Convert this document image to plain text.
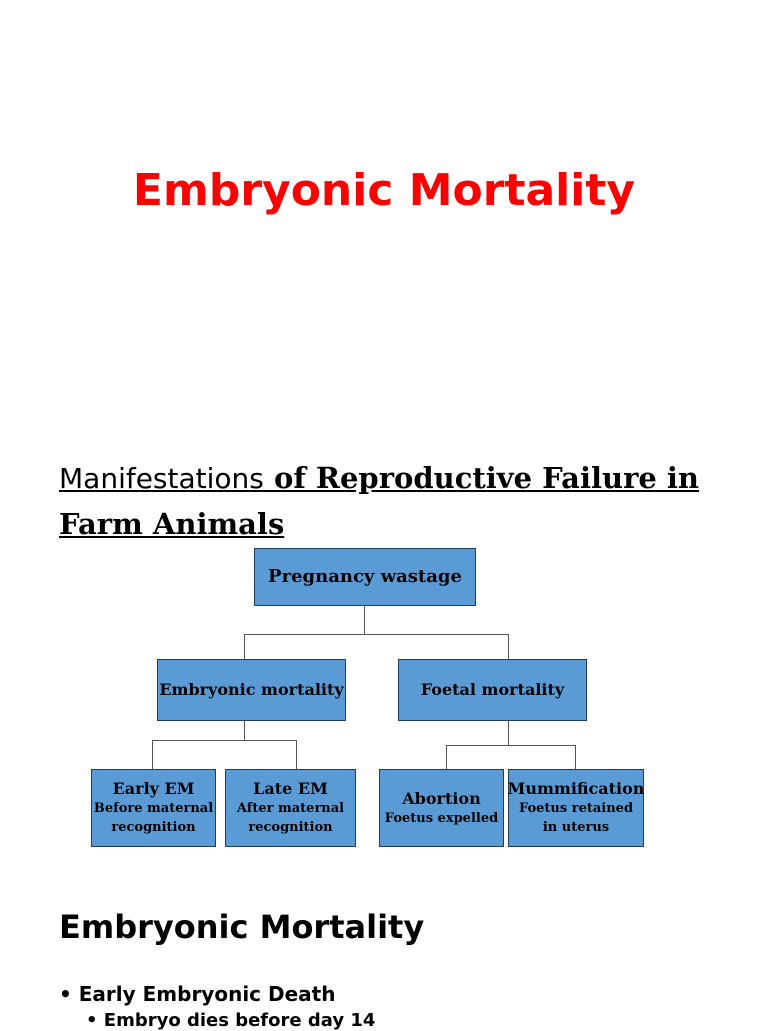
Embryonic Mortality
Manifestations of Reproductive Failure in
Farm Animals
Pregnancy wastage
Embryonic mortality	Foetal mortality
Early EM
Before maternal
recognition
Late EM
After maternal
recognition
Abortion
Foetus expelled
Mummification
Foetus retained
in uterus
Embryonic Mortality
• Early Embryonic Death
• Embryo dies before day 14
